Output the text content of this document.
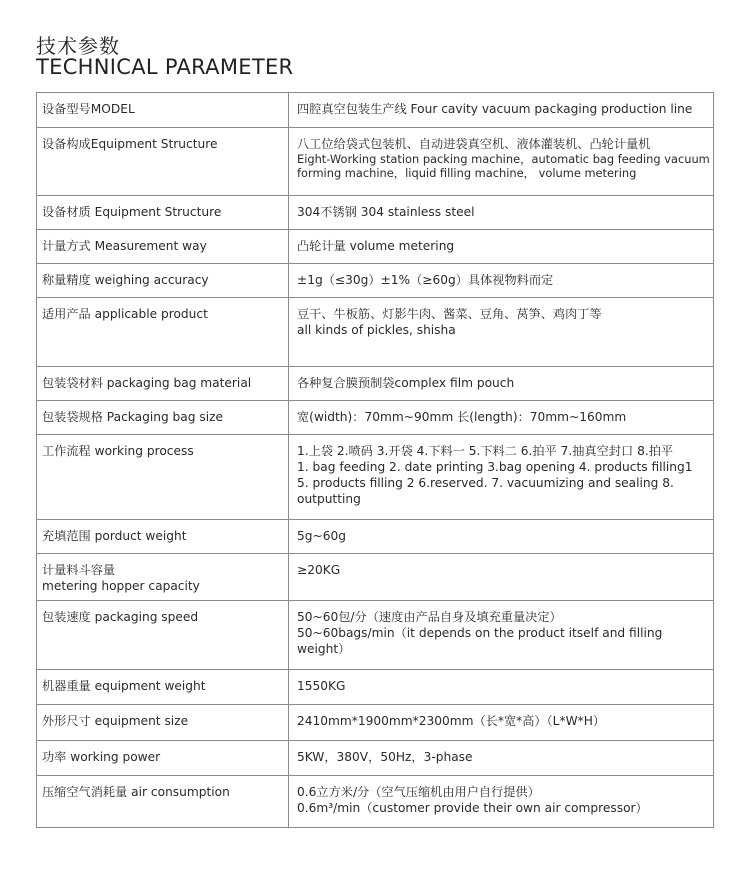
技术参数
TECHNICAL PARAMETER
设备型号MODEL	四腔真空包装生产线 Four cavity vacuum packaging production line

设备构成Equipment Structure	八工位给袋式包装机、自动进袋真空机、液体灌装机、凸轮计量机
Eight-Working station packing machine，automatic bag feeding vacuum
forming machine，liquid filling machine， volume metering

设备材质 Equipment Structure	304不锈钢 304 stainless steel

计量方式 Measurement way	凸轮计量 volume metering

称量精度 weighing accuracy	±1g（≤30g）±1%（≥60g）具体视物料而定

适用产品 applicable product	豆干、牛板筋、灯影牛肉、酱菜、豆角、莴笋、鸡肉丁等
all kinds of pickles, shisha

包装袋材料 packaging bag material	各种复合膜预制袋complex film pouch

包装袋规格 Packaging bag size	宽(width)：70mm~90mm 长(length)：70mm~160mm

工作流程 working process	1.上袋 2.喷码 3.开袋 4.下料一 5.下料二 6.拍平 7.抽真空封口 8.拍平
1. bag feeding 2. date printing 3.bag opening 4. products filling1
5. products filling 2 6.reserved. 7. vacuumizing and sealing 8.
outputting

充填范围 porduct weight	5g~60g

计量料斗容量
metering hopper capacity	≥20KG

包装速度 packaging speed	50~60包/分（速度由产品自身及填充重量决定）
50~60bags/min（it depends on the product itself and filling
weight）

机器重量 equipment weight	1550KG

外形尺寸 equipment size	2410mm*1900mm*2300mm（长*宽*高）（L*W*H）

功率 working power	5KW，380V，50Hz，3-phase

压缩空气消耗量 air consumption	0.6立方米/分（空气压缩机由用户自行提供）
0.6m³/min（customer provide their own air compressor）
